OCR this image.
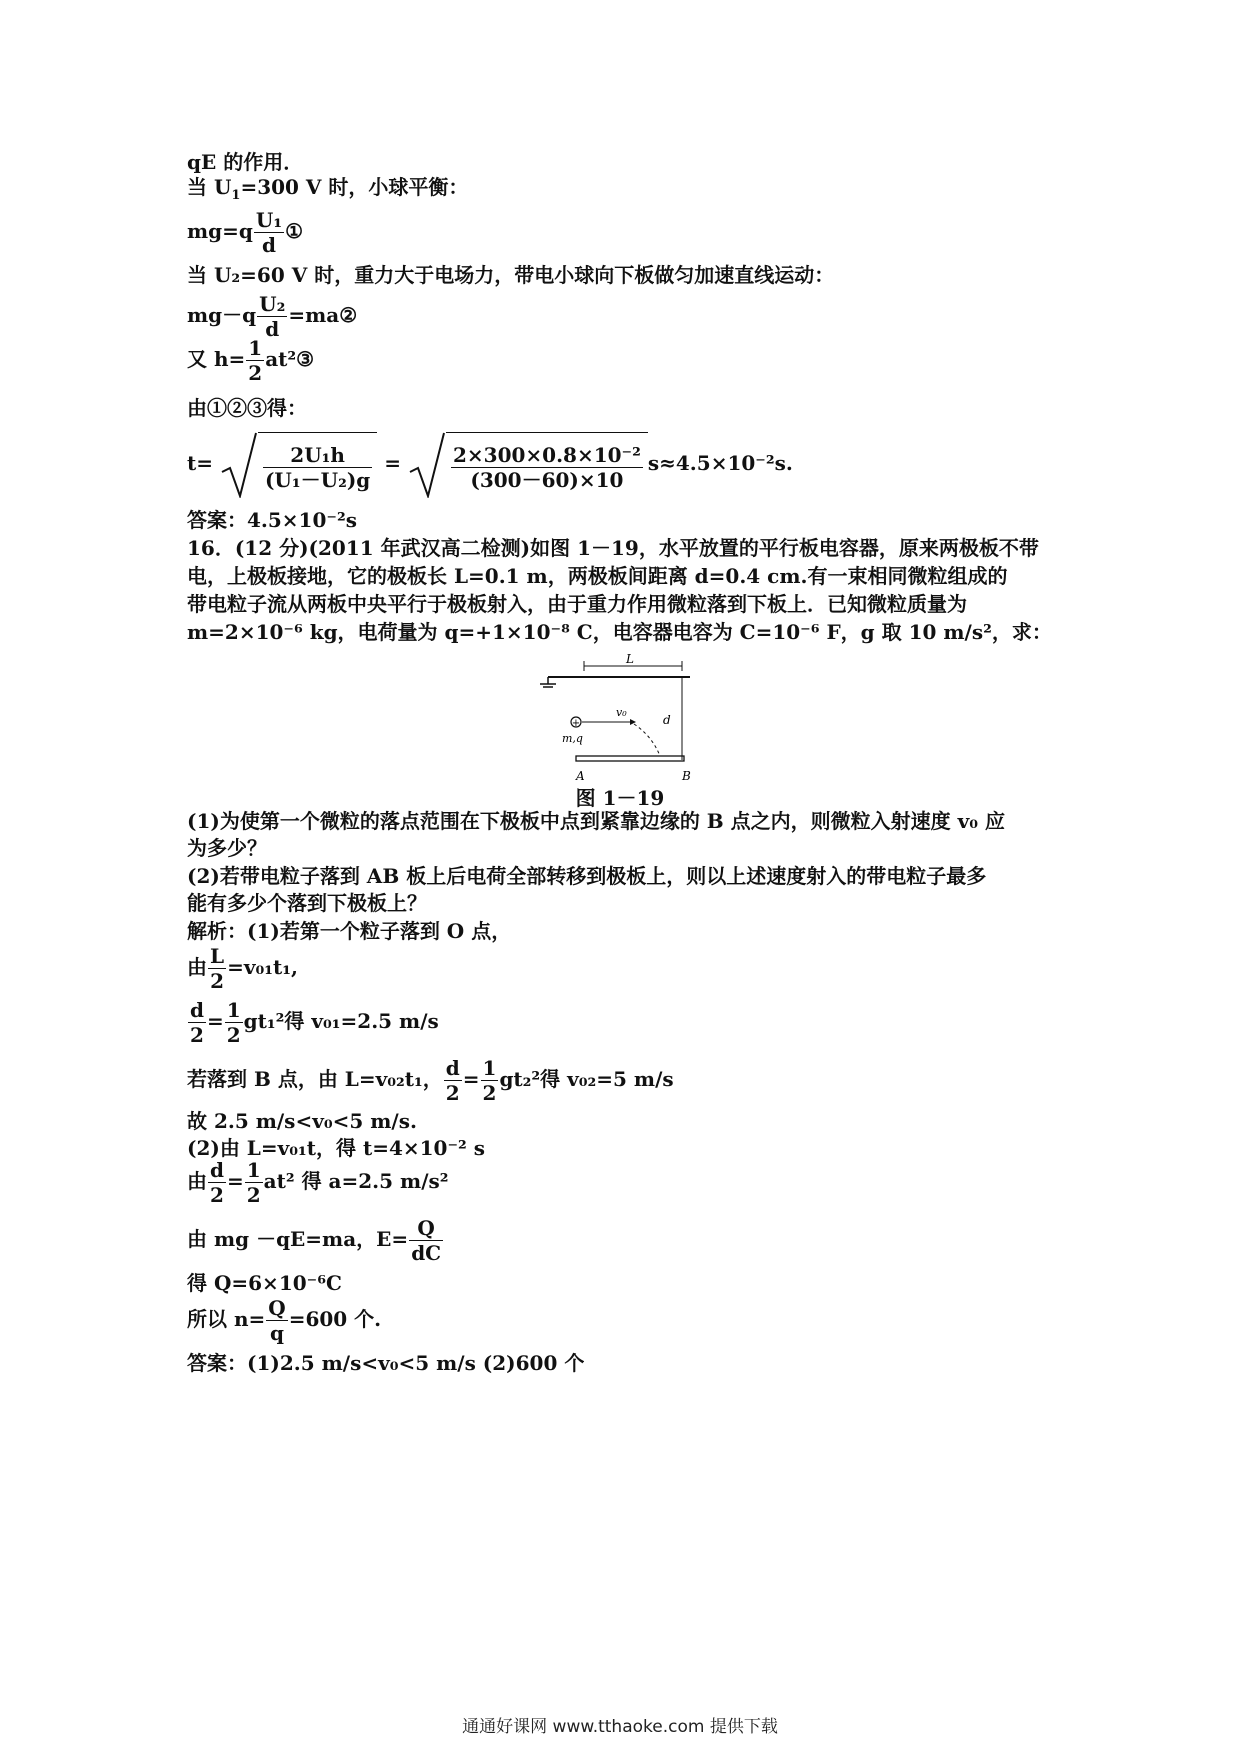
qE 的作用．
当 $U_1=300$ V 时，小球平衡：
$mg=q \frac{\text{U₁}}{d}$ ①
当 U₂=60 V 时，重力大于电场力，带电小球向下板做匀加速直线运动：
$mg-q \frac{\text{U₂}}{d}$ =ma②
又 $h= \frac{1}{2}$ at²③
由①②③得：
$t= \frac{\text{2U₁h}}{\text{(U₁－U₂)g}} = \frac{\text{2×300×0.8×10⁻²}}{(300-60)\times 10} s\approx 4.5\times 10^{-2}s$.
答案：4.5×10⁻²s
16．(12 分)(2011 年武汉高二检测)如图 1－19，水平放置的平行板电容器，原来两极板不带
电，上极板接地，它的极板长 L=0.1 m，两极板间距离 d=0.4 cm.有一束相同微粒组成的
带电粒子流从两板中央平行于极板射入，由于重力作用微粒落到下板上．已知微粒质量为
m=2×10⁻⁶ kg，电荷量为 q=+1×10⁻⁸ C，电容器电容为 C=10⁻⁶ F，g 取 10 m/s²，求：
L
d
+
v₀
m,q
A	B
图 1－19
(1)为使第一个微粒的落点范围在下极板中点到紧靠边缘的 B 点之内，则微粒入射速度 v₀ 应
为多少？
(2)若带电粒子落到 AB 板上后电荷全部转移到极板上，则以上述速度射入的带电粒子最多
能有多少个落到下极板上？
解析：(1)若第一个粒子落到 O 点，
由 $\frac{L}{2} =v_{01}t_1$,
$\frac{d}{2} = \frac{1}{2} gt_1^2$得 v₀₁=2.5 m/s
若落到 B 点，由 L=v₀₂t₁， $\frac{d}{2} = \frac{1}{2} gt_2^2$得 v₀₂=5 m/s
故 2.5 m/s<v₀<5 m/s.
(2)由 L=v₀₁t，得 t=4×10⁻² s
由 $\frac{d}{2} = \frac{1}{2} at^2$ 得 a=2.5 m/s²
由 mg －qE=ma，$E= \frac{Q}{dC}$
得 Q=6×10⁻⁶C
所以 $n= \frac{Q}{q} =600$ 个.
答案：(1)2.5 m/s<v₀<5 m/s (2)600 个
通通好课网 www.tthaoke.com 提供下载
